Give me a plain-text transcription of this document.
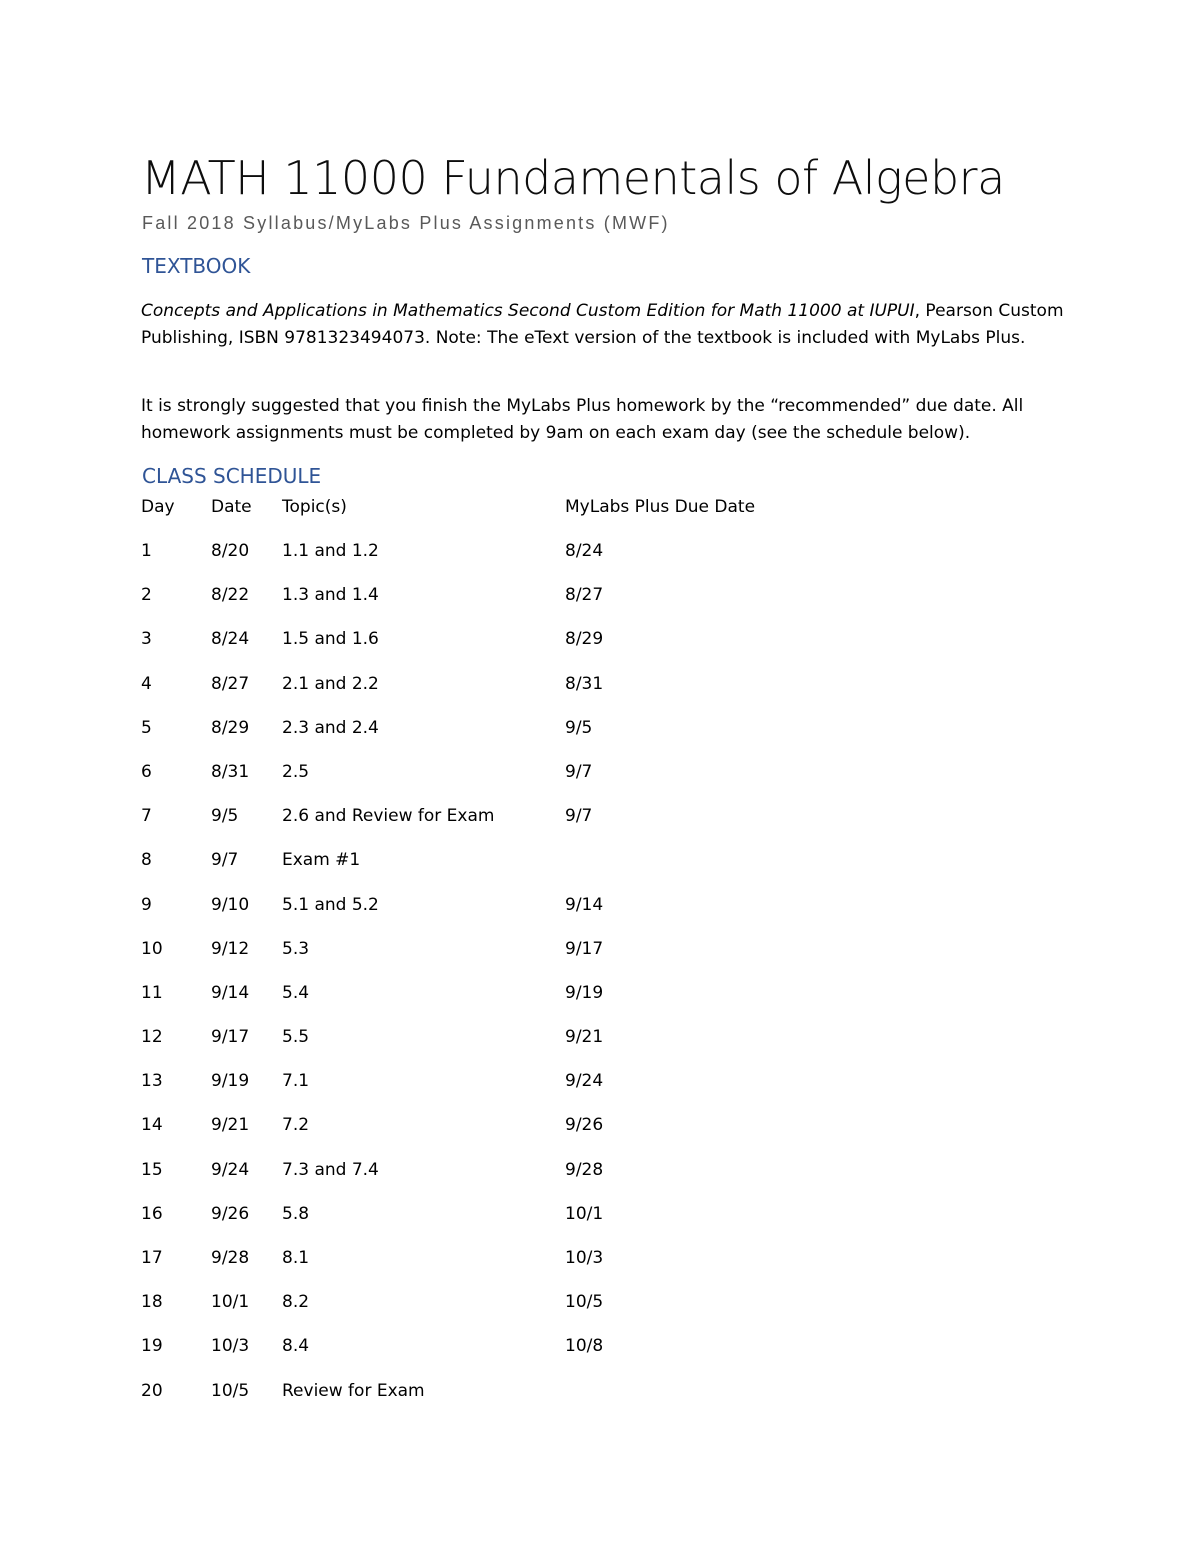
MATH 11000 Fundamentals of Algebra
Fall 2018 Syllabus/MyLabs Plus Assignments (MWF)
TEXTBOOK

Concepts and Applications in Mathematics Second Custom Edition for Math 11000 at IUPUI, Pearson Custom Publishing, ISBN 9781323494073. Note: The eText version of the textbook is included with MyLabs Plus.

It is strongly suggested that you finish the MyLabs Plus homework by the “recommended” due date. All homework assignments must be completed by 9am on each exam day (see the schedule below).

CLASS SCHEDULE
Day Date Topic(s)	MyLabs Plus Due Date
1	8/20 1.1 and 1.2	8/24
2	8/22 1.3 and 1.4	8/27
3	8/24 1.5 and 1.6	8/29
4	8/27 2.1 and 2.2	8/31
5	8/29 2.3 and 2.4	9/5
6	8/31 2.5	9/7
7	9/5	2.6 and Review for Exam	9/7
8	9/7	Exam #1
9	9/10 5.1 and 5.2	9/14
10	9/12 5.3	9/17
11	9/14 5.4	9/19
12	9/17 5.5	9/21
13	9/19 7.1	9/24
14	9/21 7.2	9/26
15	9/24 7.3 and 7.4	9/28
16	9/26 5.8	10/1
17	9/28 8.1	10/3
18	10/1 8.2	10/5
19	10/3 8.4	10/8
20	10/5 Review for Exam
